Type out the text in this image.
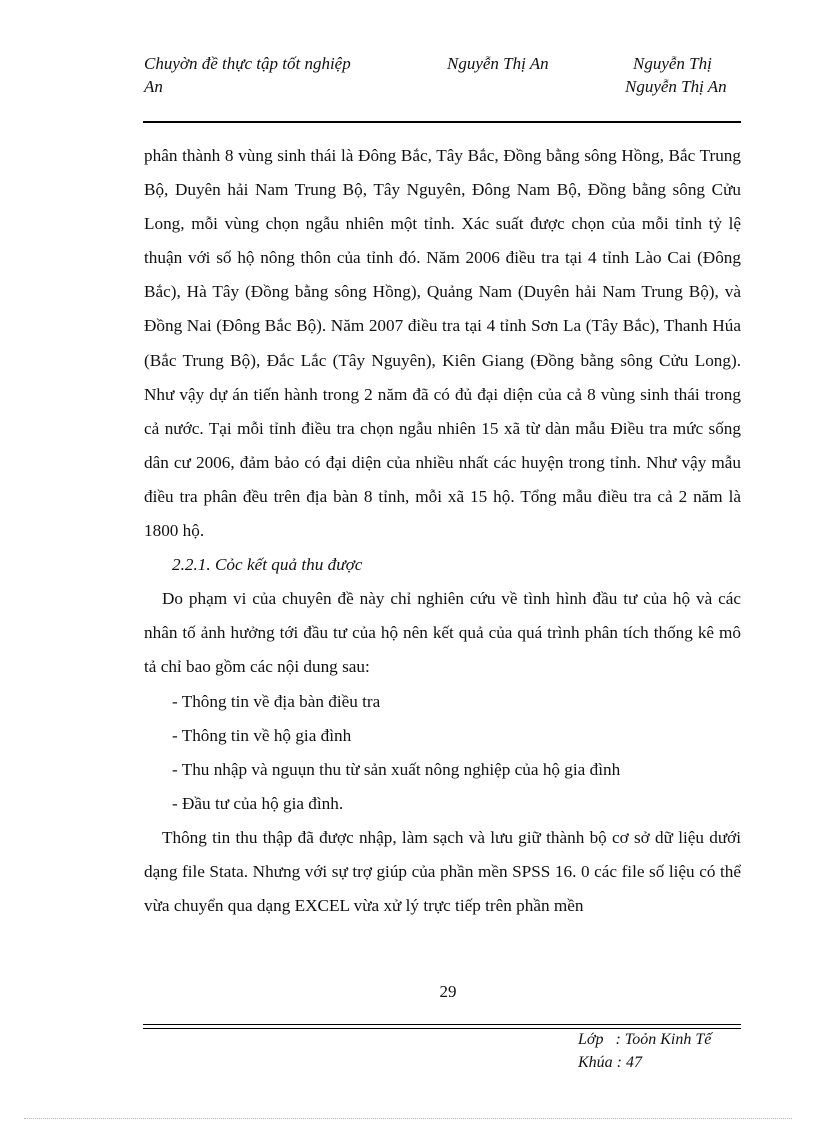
Chuyờn đề thực tập tốt nghiệp
An
Nguyễn Thị An	Nguyễn Thị
Nguyễn Thị An

phân thành 8 vùng sinh thái là Đông Bắc, Tây Bắc, Đồng bằng sông Hồng, Bắc Trung Bộ, Duyên hải Nam Trung Bộ, Tây Nguyên, Đông Nam Bộ, Đồng bằng sông Cửu Long, mỗi vùng chọn ngẫu nhiên một tỉnh. Xác suất được chọn của mỗi tỉnh tỷ lệ thuận với số hộ nông thôn của tỉnh đó. Năm 2006 điều tra tại 4 tỉnh Lào Cai (Đông Bắc), Hà Tây (Đồng bằng sông Hồng), Quảng Nam (Duyên hải Nam Trung Bộ), và Đồng Nai (Đông Bắc Bộ). Năm 2007 điều tra tại 4 tỉnh Sơn La (Tây Bắc), Thanh Húa (Bắc Trung Bộ), Đắc Lắc (Tây Nguyên), Kiên Giang (Đồng bằng sông Cửu Long). Như vậy dự án tiến hành trong 2 năm đã có đủ đại diện của cả 8 vùng sinh thái trong cả nước. Tại mỗi tỉnh điều tra chọn ngẫu nhiên 15 xã từ dàn mẫu Điều tra mức sống dân cư 2006, đảm bảo có đại diện của nhiều nhất các huyện trong tỉnh. Như vậy mẫu điều tra phân đều trên địa bàn 8 tỉnh, mỗi xã 15 hộ. Tổng mẫu điều tra cả 2 năm là 1800 hộ.

2.2.1. Cỏc kết quả thu được

Do phạm vi của chuyên đề này chỉ nghiên cứu về tình hình đầu tư của hộ và các nhân tố ảnh hưởng tới đầu tư của hộ nên kết quả của quá trình phân tích thống kê mô tả chỉ bao gồm các nội dung sau:

- Thông tin về địa bàn điều tra

- Thông tin về hộ gia đình

- Thu nhập và nguụn thu từ sản xuất nông nghiệp của hộ gia đình

- Đầu tư của hộ gia đình.

Thông tin thu thập đã được nhập, làm sạch và lưu giữ thành bộ cơ sở dữ liệu dưới dạng file Stata. Nhưng với sự trợ giúp của phần mền SPSS 16. 0 các file số liệu có thể vừa chuyển qua dạng EXCEL vừa xử lý trực tiếp trên phần mền

29
Lớp   : Toỏn Kinh Tế
Khúa : 47
